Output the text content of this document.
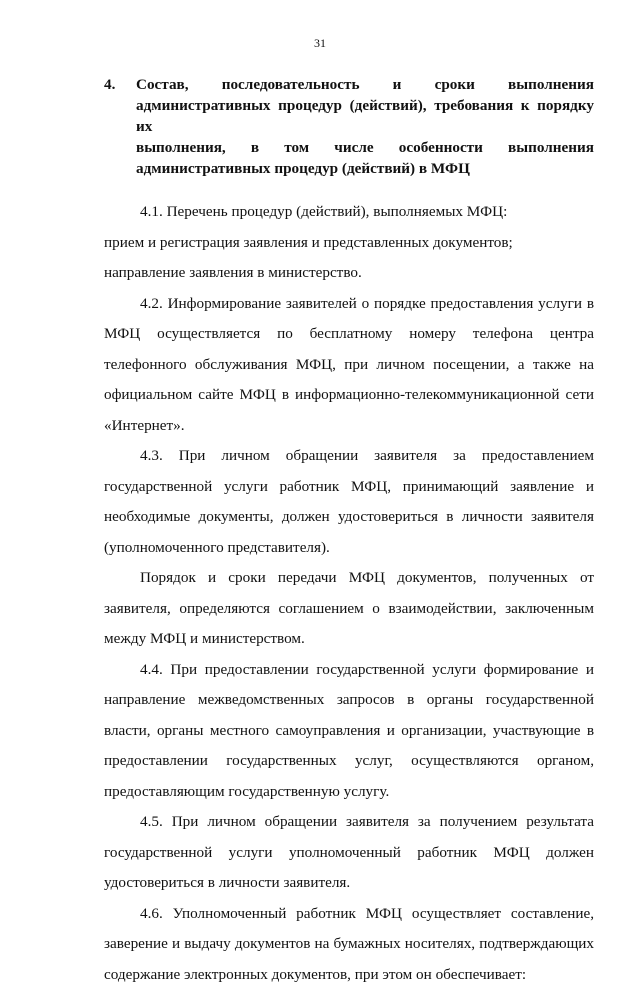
31
4.	Состав, последовательность и сроки выполнения
административных процедур (действий), требования к порядку их
выполнения, в том числе особенности выполнения
административных процедур (действий) в МФЦ

4.1. Перечень процедур (действий), выполняемых МФЦ:

прием и регистрация заявления и представленных документов;

направление заявления в министерство.

4.2. Информирование заявителей о порядке предоставления услуги в МФЦ осуществляется по бесплатному номеру телефона центра телефонного обслуживания МФЦ, при личном посещении, а также на официальном сайте МФЦ в информационно-телекоммуникационной сети «Интернет».

4.3. При личном обращении заявителя за предоставлением государственной услуги работник МФЦ, принимающий заявление и необходимые документы, должен удостовериться в личности заявителя (уполномоченного представителя).

Порядок и сроки передачи МФЦ документов, полученных от заявителя, определяются соглашением о взаимодействии, заключенным между МФЦ и министерством.

4.4. При предоставлении государственной услуги формирование и направление межведомственных запросов в органы государственной власти, органы местного самоуправления и организации, участвующие в предоставлении государственных услуг, осуществляются органом, предоставляющим государственную услугу.

4.5. При личном обращении заявителя за получением результата государственной услуги уполномоченный работник МФЦ должен удостовериться в личности заявителя.

4.6. Уполномоченный работник МФЦ осуществляет составление, заверение и выдачу документов на бумажных носителях, подтверждающих содержание электронных документов, при этом он обеспечивает:
